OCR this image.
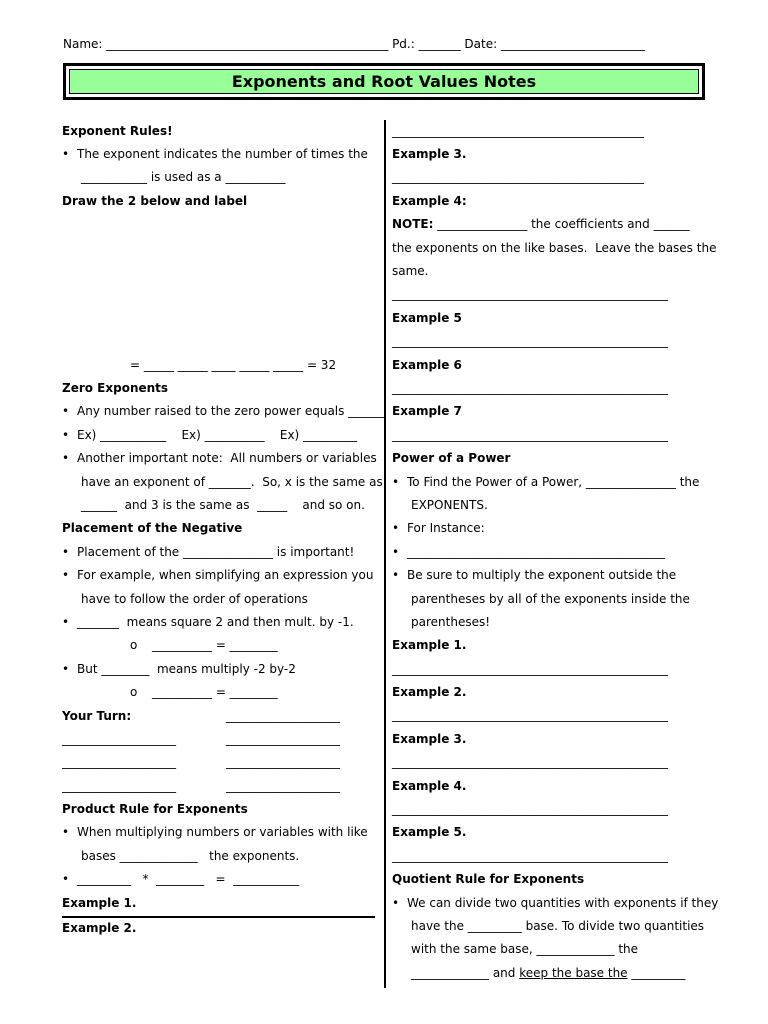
Name: _______________________________________________ Pd.: _______ Date: ________________________
Exponents and Root Values Notes
Exponent Rules!
• The exponent indicates the number of times the
___________ is used as a __________
Draw the 2 below and label
= _____ _____ ____ _____ _____ = 32
Zero Exponents
• Any number raised to the zero power equals ______
• Ex) ___________    Ex) __________    Ex) _________
• Another important note:  All numbers or variables
have an exponent of _______.  So, x is the same as
______  and 3 is the same as  _____    and so on.
Placement of the Negative
• Placement of the _______________ is important!
• For example, when simplifying an expression you
have to follow the order of operations
• _______  means square 2 and then mult. by -1.
o	__________ = ________
• But ________  means multiply -2 by-2
o	__________ = ________
Your Turn:	___________________
___________________	___________________
___________________	___________________
___________________	___________________
Product Rule for Exponents
• When multiplying numbers or variables with like
bases _____________   the exponents.
• _________   *  ________   =  ___________
Example 1.
Example 2.
__________________________________________
Example 3.
__________________________________________
Example 4:
NOTE: _______________ the coefficients and ______
the exponents on the like bases.  Leave the bases the
same.
______________________________________________
Example 5
______________________________________________
Example 6
______________________________________________
Example 7
______________________________________________
Power of a Power
• To Find the Power of a Power, _______________ the
EXPONENTS.
• For Instance:
• ___________________________________________
• Be sure to multiply the exponent outside the
parentheses by all of the exponents inside the
parentheses!
Example 1.
______________________________________________
Example 2.
______________________________________________
Example 3.
______________________________________________
Example 4.
______________________________________________
Example 5.
______________________________________________
Quotient Rule for Exponents
• We can divide two quantities with exponents if they
have the _________ base. To divide two quantities
with the same base, _____________ the
_____________ and keep the base the _________
